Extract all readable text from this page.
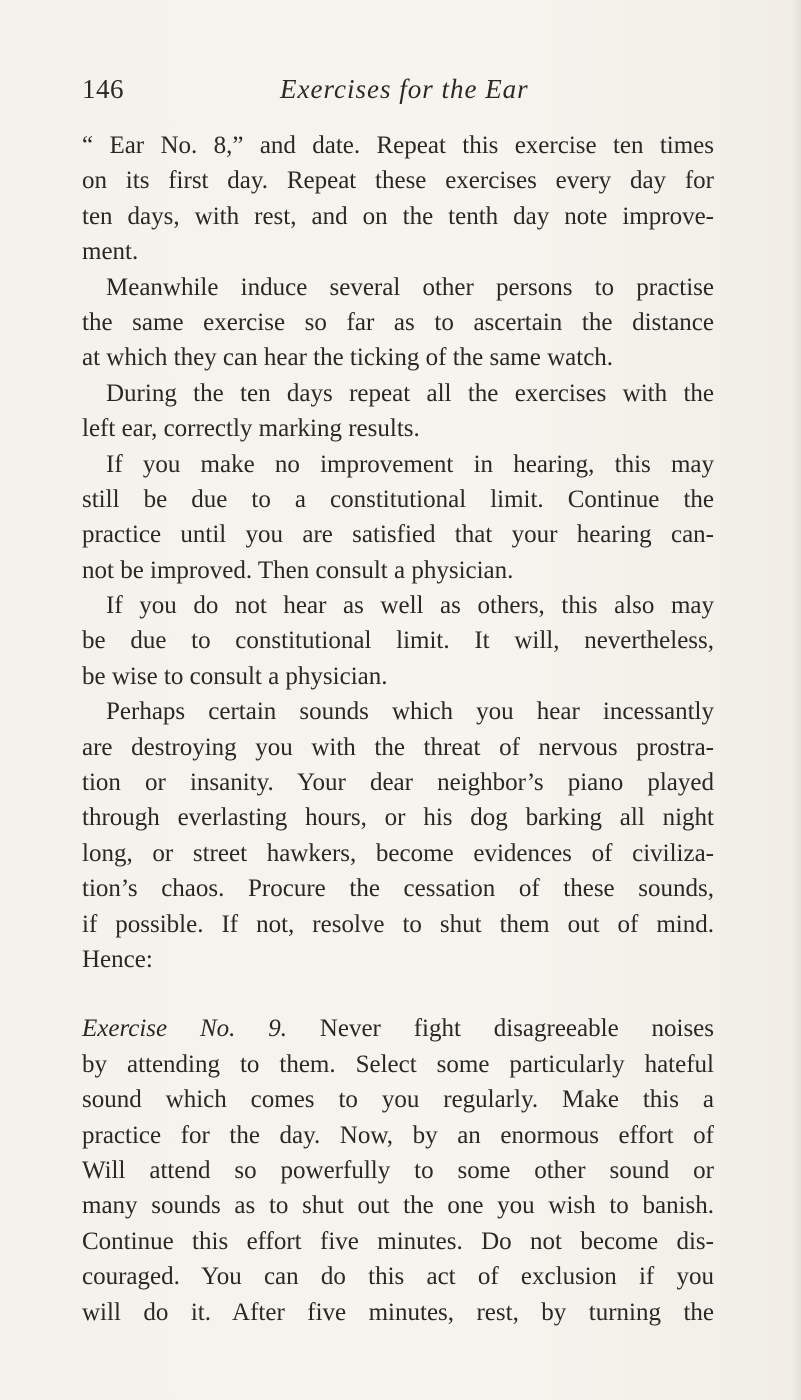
146	Exercises for the Ear
“ Ear No. 8,” and date. Repeat this exercise ten times
on its first day. Repeat these exercises every day for
ten days, with rest, and on the tenth day note improve-
ment.
Meanwhile induce several other persons to practise
the same exercise so far as to ascertain the distance
at which they can hear the ticking of the same watch.
During the ten days repeat all the exercises with the
left ear, correctly marking results.
If you make no improvement in hearing, this may
still be due to a constitutional limit. Continue the
practice until you are satisfied that your hearing can-
not be improved. Then consult a physician.
If you do not hear as well as others, this also may
be due to constitutional limit. It will, nevertheless,
be wise to consult a physician.
Perhaps certain sounds which you hear incessantly
are destroying you with the threat of nervous prostra-
tion or insanity. Your dear neighbor’s piano played
through everlasting hours, or his dog barking all night
long, or street hawkers, become evidences of civiliza-
tion’s chaos. Procure the cessation of these sounds,
if possible. If not, resolve to shut them out of mind.
Hence:
Exercise No. 9. Never fight disagreeable noises
by attending to them. Select some particularly hateful
sound which comes to you regularly. Make this a
practice for the day. Now, by an enormous effort of
Will attend so powerfully to some other sound or
many sounds as to shut out the one you wish to banish.
Continue this effort five minutes. Do not become dis-
couraged. You can do this act of exclusion if you
will do it. After five minutes, rest, by turning the
